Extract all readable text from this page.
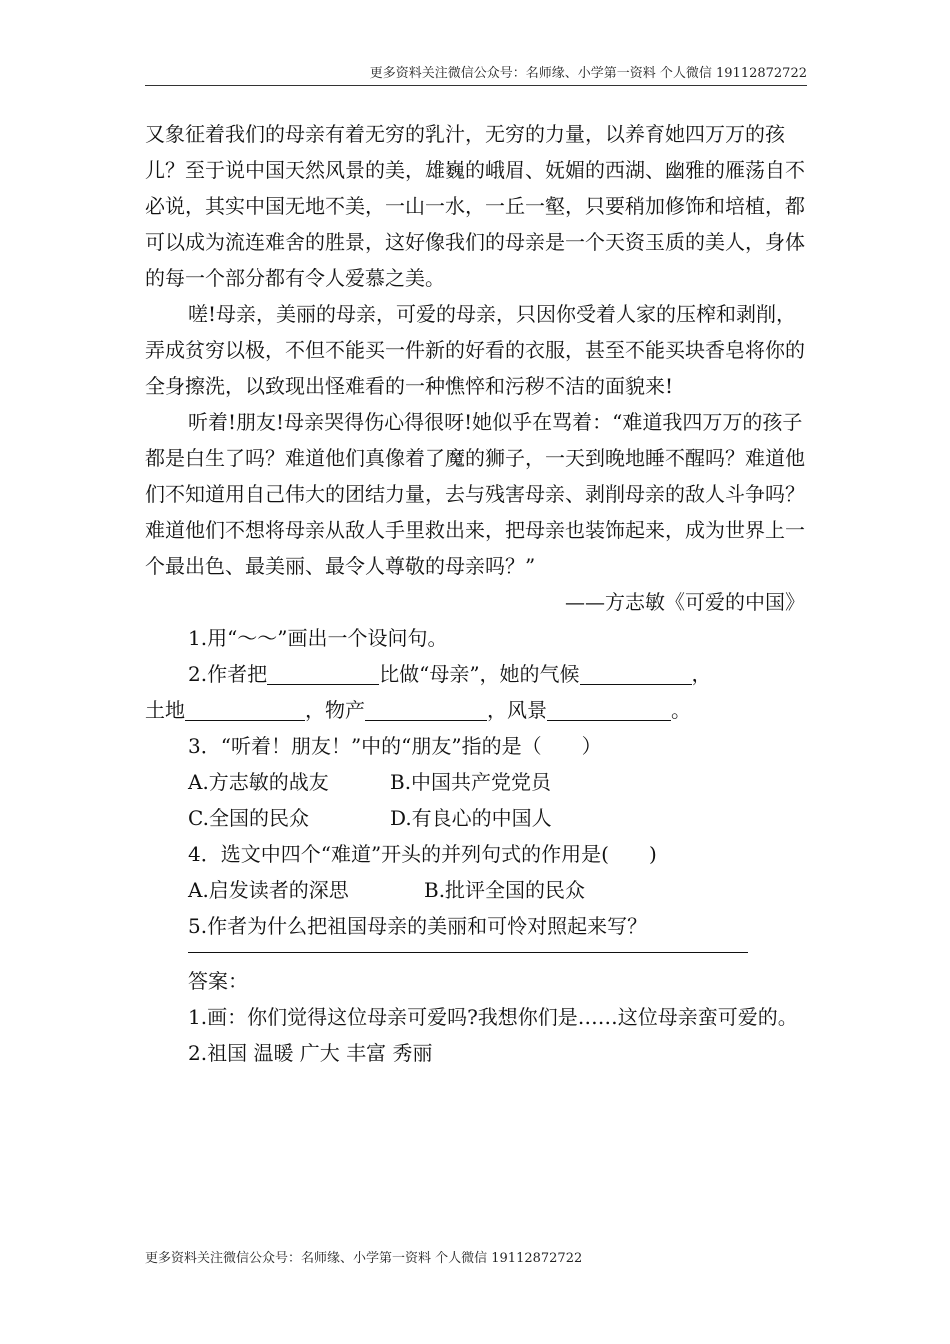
更多资料关注微信公众号：名师缘、小学第一资料 个人微信 19112872722

又象征着我们的母亲有着无穷的乳汁，无穷的力量，以养育她四万万的孩儿？至于说中国天然风景的美，雄巍的峨眉、妩媚的西湖、幽雅的雁荡自不必说，其实中国无地不美，一山一水，一丘一壑，只要稍加修饰和培植，都可以成为流连难舍的胜景，这好像我们的母亲是一个天资玉质的美人，身体的每一个部分都有令人爱慕之美。

嗟!母亲，美丽的母亲，可爱的母亲，只因你受着人家的压榨和剥削，弄成贫穷以极，不但不能买一件新的好看的衣服，甚至不能买块香皂将你的全身擦洗，以致现出怪难看的一种憔悴和污秽不洁的面貌来!

听着!朋友!母亲哭得伤心得很呀!她似乎在骂着：“难道我四万万的孩子都是白生了吗？难道他们真像着了魔的狮子，一天到晚地睡不醒吗？难道他们不知道用自己伟大的团结力量，去与残害母亲、剥削母亲的敌人斗争吗？难道他们不想将母亲从敌人手里救出来，把母亲也装饰起来，成为世界上一个最出色、最美丽、最令人尊敬的母亲吗？”

——方志敏《可爱的中国》

1.用“～～”画出一个设问句。

2.作者把	比做“母亲”，她的气候	，

土地	，物产	，风景	。

3．“听着！朋友！”中的“朋友”指的是（　　）

A.方志敏的战友	B.中国共产党党员

C.全国的民众	D.有良心的中国人

4．选文中四个“难道”开头的并列句式的作用是(　　)

A.启发读者的深思	B.批评全国的民众

5.作者为什么把祖国母亲的美丽和可怜对照起来写？

答案：

1.画：你们觉得这位母亲可爱吗?我想你们是……这位母亲蛮可爱的。

2.祖国 温暖 广大 丰富 秀丽

更多资料关注微信公众号：名师缘、小学第一资料 个人微信 19112872722
